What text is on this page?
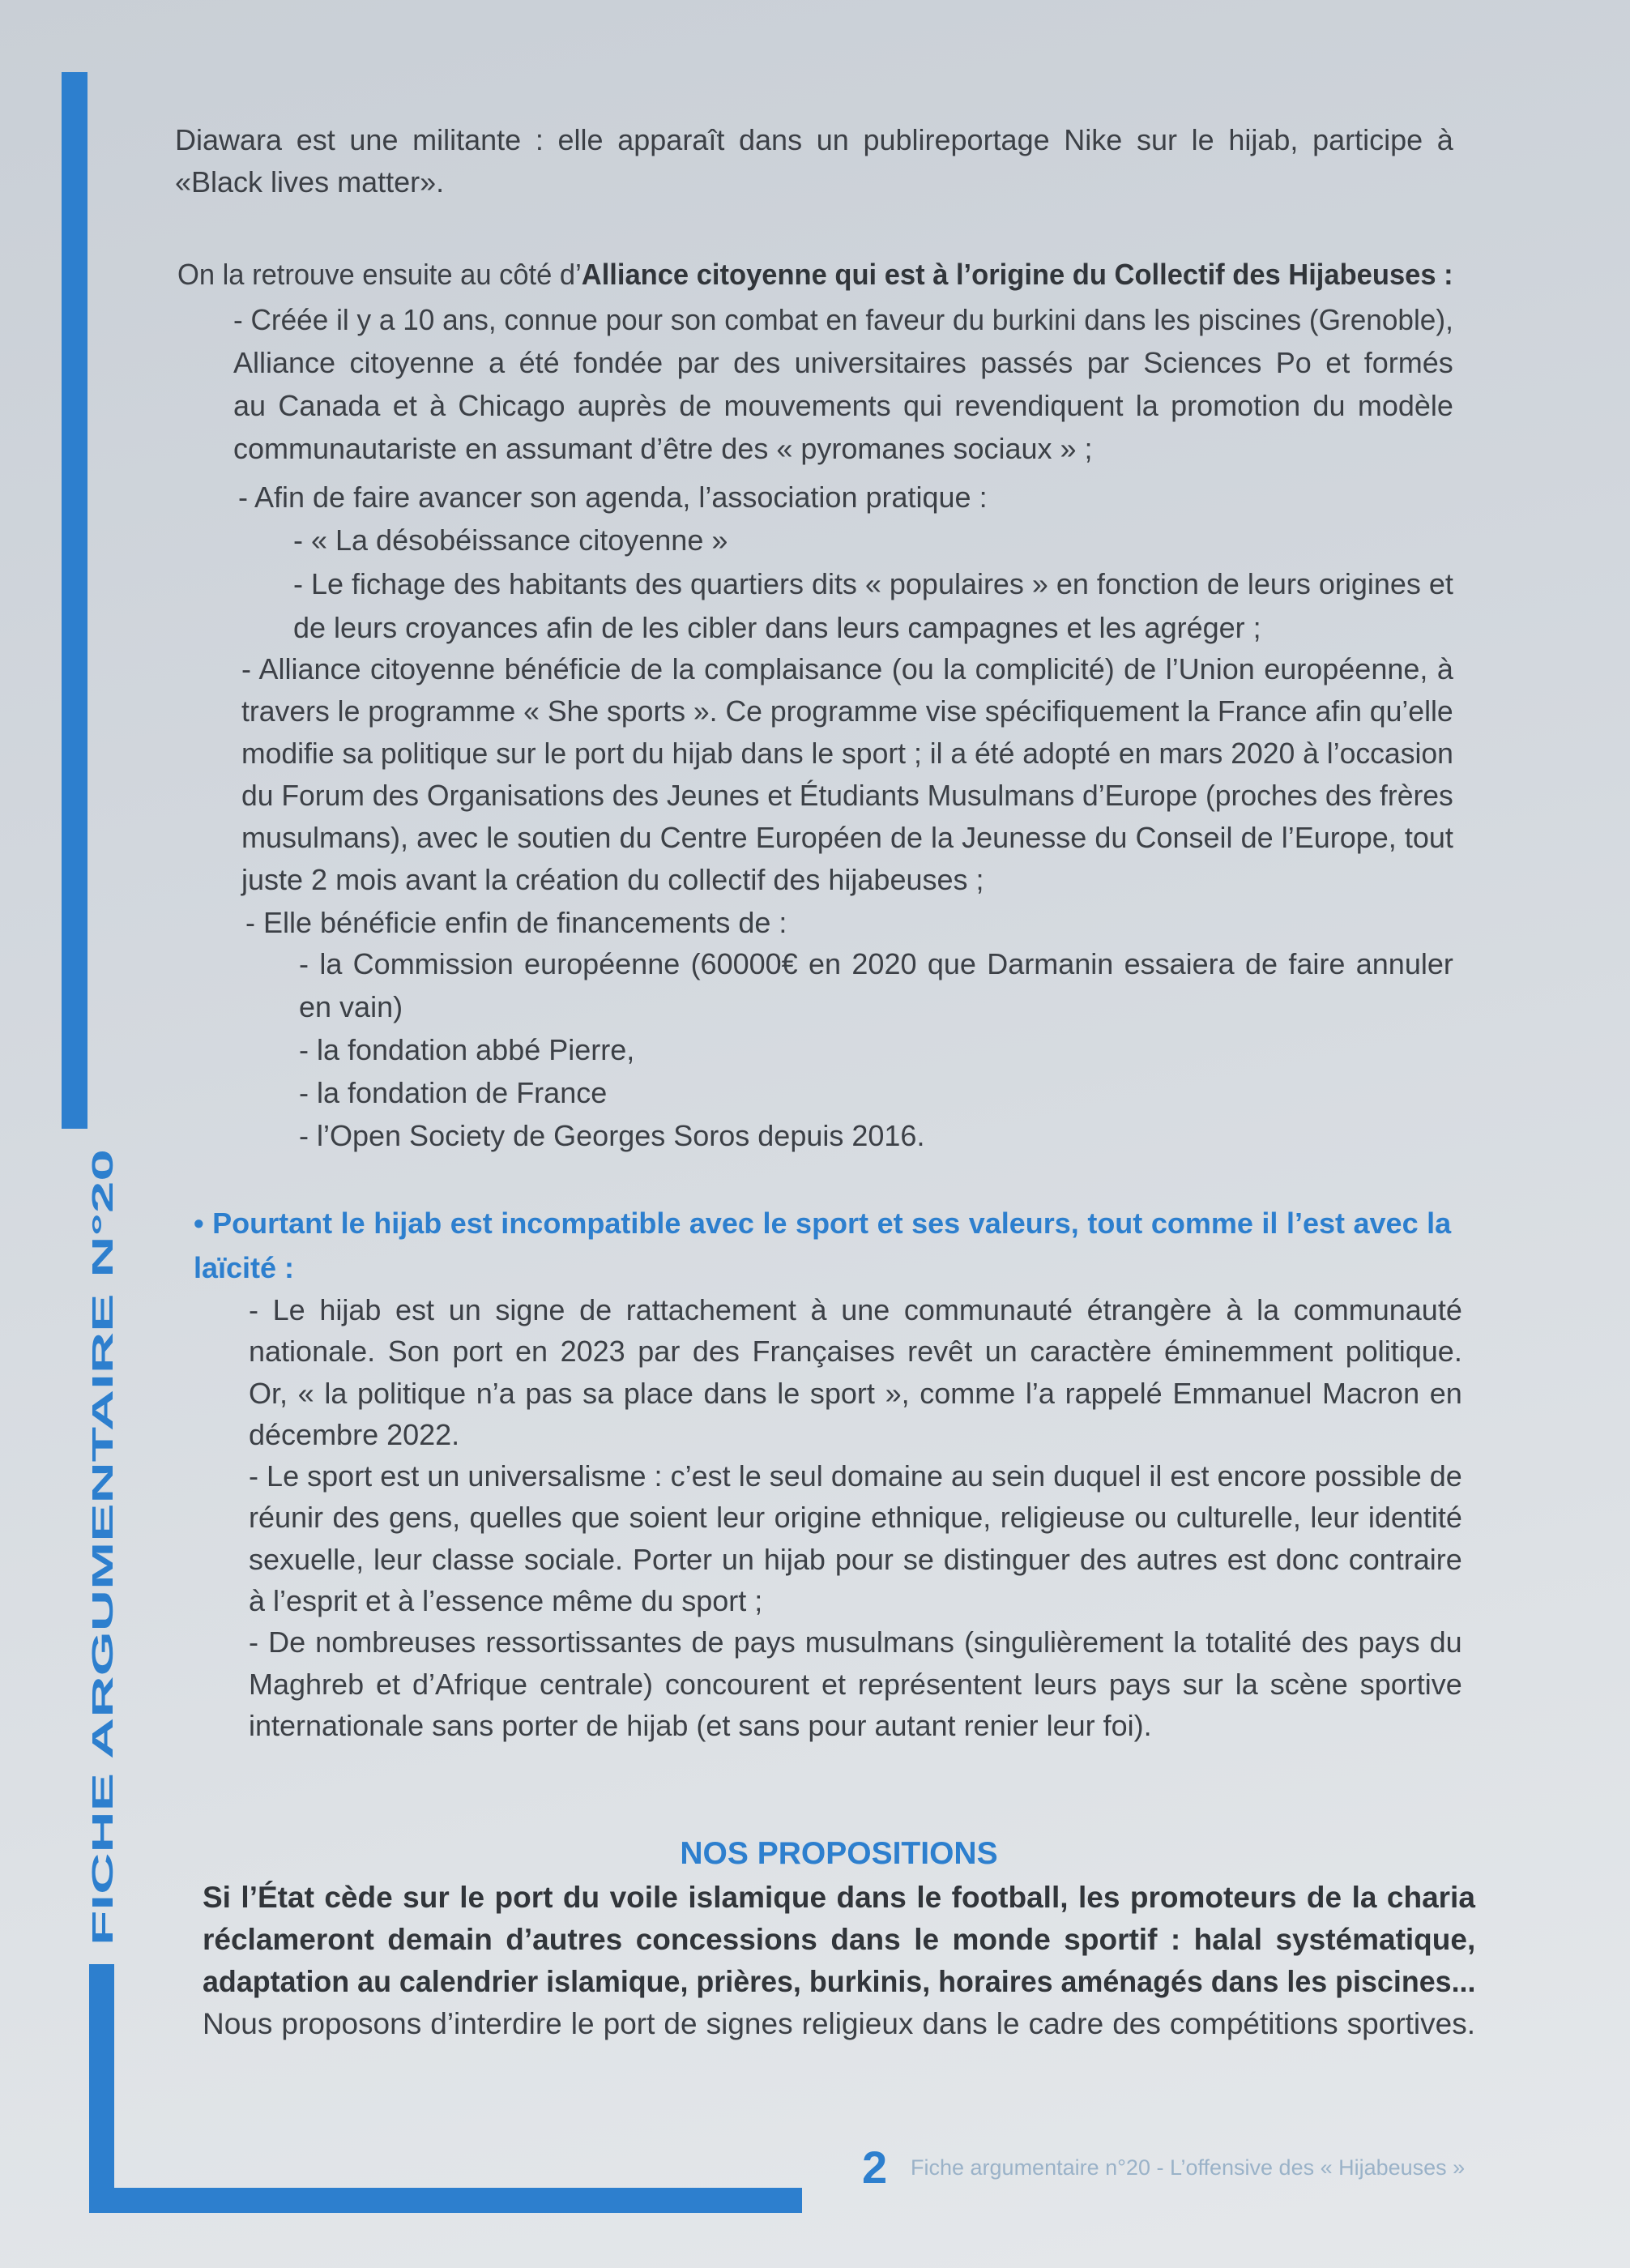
FICHE ARGUMENTAIRE N°20
Diawara est une militante : elle apparaît dans un publireportage Nike sur le hijab, participe à
«Black lives matter».
On la retrouve ensuite au côté d’Alliance citoyenne qui est à l’origine du Collectif des Hijabeuses :
- Créée il y a 10 ans, connue pour son combat en faveur du burkini dans les piscines (Grenoble),
Alliance citoyenne a été fondée par des universitaires passés par Sciences Po et formés
au Canada et à Chicago auprès de mouvements qui revendiquent la promotion du modèle
communautariste en assumant d’être des « pyromanes sociaux » ;
- Afin de faire avancer son agenda, l’association pratique :
- « La désobéissance citoyenne »
- Le fichage des habitants des quartiers dits « populaires » en fonction de leurs origines et
de leurs croyances afin de les cibler dans leurs campagnes et les agréger ;
- Alliance citoyenne bénéficie de la complaisance (ou la complicité) de l’Union européenne, à
travers le programme « She sports ». Ce programme vise spécifiquement la France afin qu’elle
modifie sa politique sur le port du hijab dans le sport ; il a été adopté en mars 2020 à l’occasion
du Forum des Organisations des Jeunes et Étudiants Musulmans d’Europe (proches des frères
musulmans), avec le soutien du Centre Européen de la Jeunesse du Conseil de l’Europe, tout
juste 2 mois avant la création du collectif des hijabeuses ;
- Elle bénéficie enfin de financements de :
- la Commission européenne (60000€ en 2020 que Darmanin essaiera de faire annuler
en vain)
- la fondation abbé Pierre,
- la fondation de France
- l’Open Society de Georges Soros depuis 2016.
• Pourtant le hijab est incompatible avec le sport et ses valeurs, tout comme il l’est avec la
laïcité :
- Le hijab est un signe de rattachement à une communauté étrangère à la communauté
nationale. Son port en 2023 par des Françaises revêt un caractère éminemment politique.
Or, « la politique n’a pas sa place dans le sport », comme l’a rappelé Emmanuel Macron en
décembre 2022.
- Le sport est un universalisme : c’est le seul domaine au sein duquel il est encore possible de
réunir des gens, quelles que soient leur origine ethnique, religieuse ou culturelle, leur identité
sexuelle, leur classe sociale. Porter un hijab pour se distinguer des autres est donc contraire
à l’esprit et à l’essence même du sport ;
- De nombreuses ressortissantes de pays musulmans (singulièrement la totalité des pays du
Maghreb et d’Afrique centrale) concourent et représentent leurs pays sur la scène sportive
internationale sans porter de hijab (et sans pour autant renier leur foi).
NOS PROPOSITIONS
Si l’État cède sur le port du voile islamique dans le football, les promoteurs de la charia
réclameront demain d’autres concessions dans le monde sportif : halal systématique,
adaptation au calendrier islamique, prières, burkinis, horaires aménagés dans les piscines...
Nous proposons d’interdire le port de signes religieux dans le cadre des compétitions sportives.
2 Fiche argumentaire n°20 - L’offensive des « Hijabeuses »
